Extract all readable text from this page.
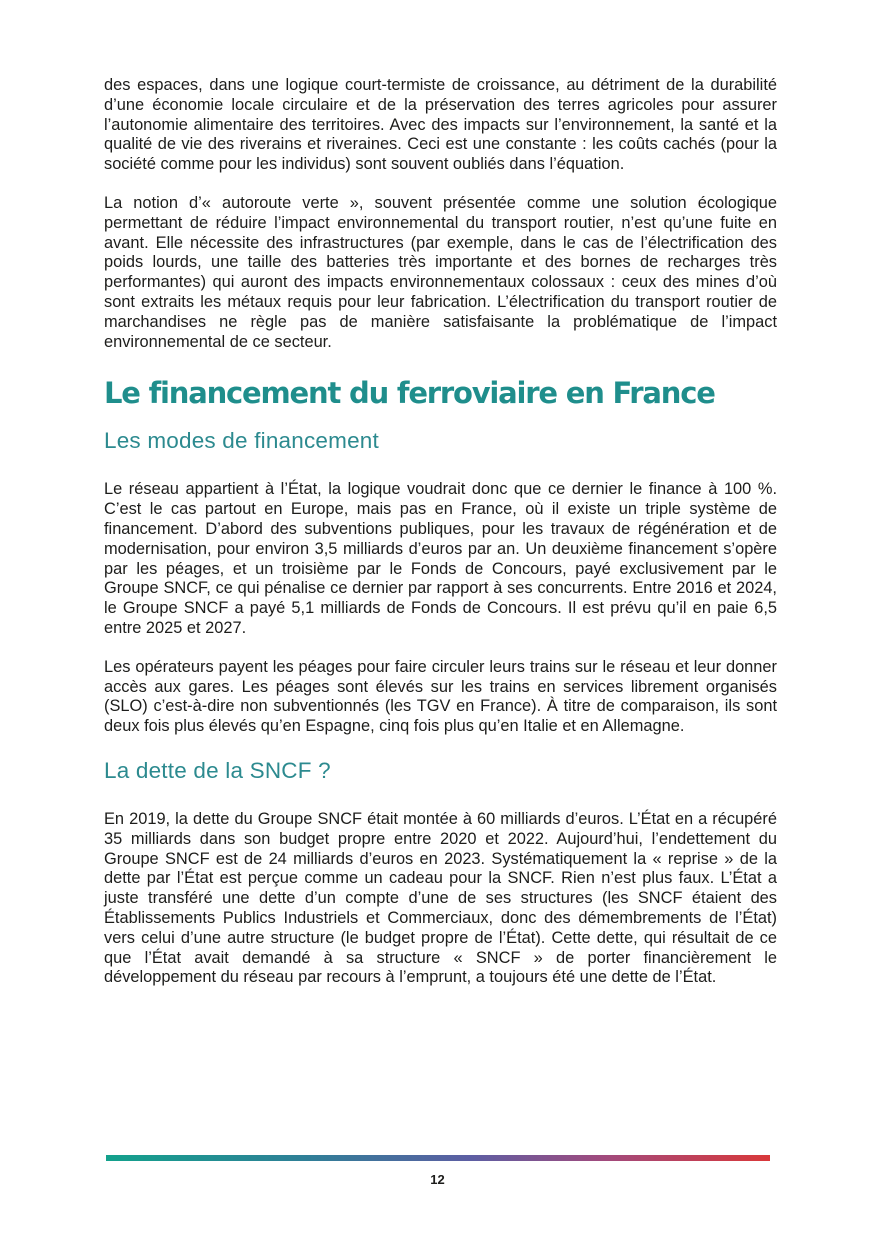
des espaces, dans une logique court-termiste de croissance, au détriment de la durabilité d’une économie locale circulaire et de la préservation des terres agricoles pour assurer l’autonomie alimentaire des territoires. Avec des impacts sur l’environnement, la santé et la qualité de vie des riverains et riveraines. Ceci est une constante : les coûts cachés (pour la société comme pour les individus) sont souvent oubliés dans l’équation.

La notion d’« autoroute verte », souvent présentée comme une solution écologique permettant de réduire l’impact environnemental du transport routier, n’est qu’une fuite en avant. Elle nécessite des infrastructures (par exemple, dans le cas de l’électrification des poids lourds, une taille des batteries très importante et des bornes de recharges très performantes) qui auront des impacts environnementaux colossaux : ceux des mines d’où sont extraits les métaux requis pour leur fabrication. L’électrification du transport routier de marchandises ne règle pas de manière satisfaisante la problématique de l’impact environnemental de ce secteur.

Le financement du ferroviaire en France
Les modes de financement

Le réseau appartient à l’État, la logique voudrait donc que ce dernier le finance à 100 %. C’est le cas partout en Europe, mais pas en France, où il existe un triple système de financement. D’abord des subventions publiques, pour les travaux de régénération et de modernisation, pour environ 3,5 milliards d’euros par an. Un deuxième financement s’opère par les péages, et un troisième par le Fonds de Concours, payé exclusivement par le Groupe SNCF, ce qui pénalise ce dernier par rapport à ses concurrents. Entre 2016 et 2024, le Groupe SNCF a payé 5,1 milliards de Fonds de Concours. Il est prévu qu’il en paie 6,5 entre 2025 et 2027.

Les opérateurs payent les péages pour faire circuler leurs trains sur le réseau et leur donner accès aux gares. Les péages sont élevés sur les trains en services librement organisés (SLO) c’est-à-dire non subventionnés (les TGV en France). À titre de comparaison, ils sont deux fois plus élevés qu’en Espagne, cinq fois plus qu’en Italie et en Allemagne.

La dette de la SNCF ?

En 2019, la dette du Groupe SNCF était montée à 60 milliards d’euros. L’État en a récupéré 35 milliards dans son budget propre entre 2020 et 2022. Aujourd’hui, l’endettement du Groupe SNCF est de 24 milliards d’euros en 2023. Systématiquement la « reprise » de la dette par l’État est perçue comme un cadeau pour la SNCF. Rien n’est plus faux. L’État a juste transféré une dette d’un compte d’une de ses structures (les SNCF étaient des Établissements Publics Industriels et Commerciaux, donc des démembrements de l’État) vers celui d’une autre structure (le budget propre de l’État). Cette dette, qui résultait de ce que l’État avait demandé à sa structure « SNCF » de porter financièrement le développement du réseau par recours à l’emprunt, a toujours été une dette de l’État.

12
